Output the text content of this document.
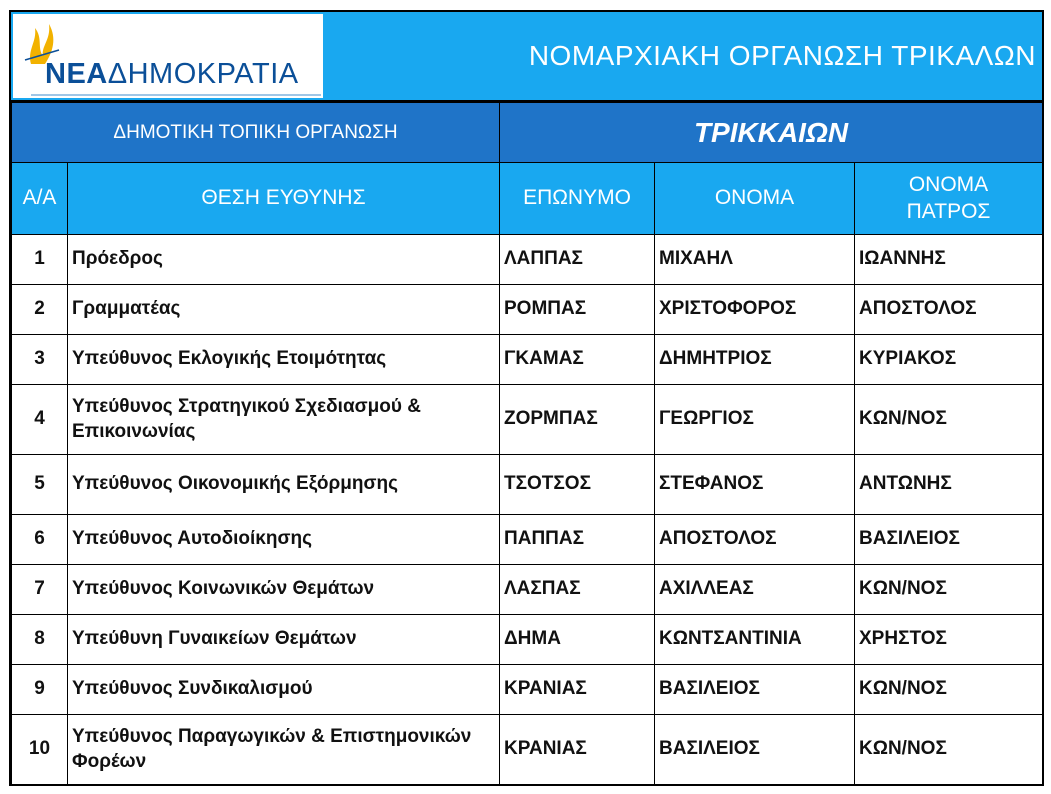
ΝΕΑΔΗΜΟΚΡΑΤΙΑ
ΝΟΜΑΡΧΙΑΚΗ ΟΡΓΑΝΩΣΗ ΤΡΙΚΑΛΩΝ
ΔΗΜΟΤΙΚΗ ΤΟΠΙΚΗ ΟΡΓΑΝΩΣΗ		ΤΡΙΚΚΑΙΩΝ		
Α/Α	ΘΕΣΗ ΕΥΘΥΝΗΣ	ΕΠΩΝΥΜΟ	ΟΝΟΜΑ	ΟΝΟΜΑ
ΠΑΤΡΟΣ
1	Πρόεδρος	ΛΑΠΠΑΣ	ΜΙΧΑΗΛ	ΙΩΑΝΝΗΣ
2	Γραμματέας	ΡΟΜΠΑΣ	ΧΡΙΣΤΟΦΟΡΟΣ	ΑΠΟΣΤΟΛΟΣ
3	Υπεύθυνος Εκλογικής Ετοιμότητας	ΓΚΑΜΑΣ	ΔΗΜΗΤΡΙΟΣ	ΚΥΡΙΑΚΟΣ
4	Υπεύθυνος Στρατηγικού Σχεδιασμού & Επικοινωνίας	ΖΟΡΜΠΑΣ	ΓΕΩΡΓΙΟΣ	ΚΩΝ/ΝΟΣ
5	Υπεύθυνος Οικονομικής Εξόρμησης	ΤΣΟΤΣΟΣ	ΣΤΕΦΑΝΟΣ	ΑΝΤΩΝΗΣ
6	Υπεύθυνος Αυτοδιοίκησης	ΠΑΠΠΑΣ	ΑΠΟΣΤΟΛΟΣ	ΒΑΣΙΛΕΙΟΣ
7	Υπεύθυνος Κοινωνικών Θεμάτων	ΛΑΣΠΑΣ	ΑΧΙΛΛΕΑΣ	ΚΩΝ/ΝΟΣ
8	Υπεύθυνη Γυναικείων Θεμάτων	ΔΗΜΑ	ΚΩΝΤΣΑΝΤΙΝΙΑ	ΧΡΗΣΤΟΣ
9	Υπεύθυνος Συνδικαλισμού	ΚΡΑΝΙΑΣ	ΒΑΣΙΛΕΙΟΣ	ΚΩΝ/ΝΟΣ
10	Υπεύθυνος Παραγωγικών & Επιστημονικών Φορέων	ΚΡΑΝΙΑΣ	ΒΑΣΙΛΕΙΟΣ	ΚΩΝ/ΝΟΣ
